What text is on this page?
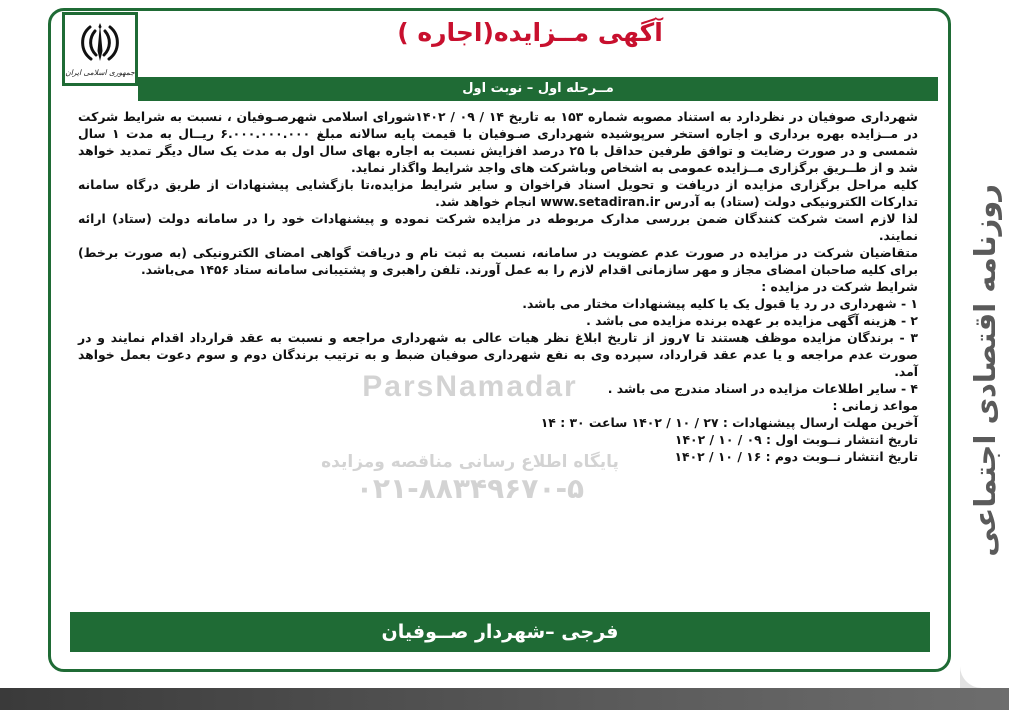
روزنامه اقتصادی اجتماعی
جمهوری اسلامی ایران
آگهی مــزایده(اجاره )
مــرحله اول – نوبت اول
ParsNamadar
پایگاه اطلاع رسانی مناقصه ومزایده
۰۲۱-۸۸۳۴۹۶۷۰-۵

شهرداری صوفیان در نظردارد به استناد مصوبه شماره ۱۵۳ به تاریخ ۱۴ / ۰۹ / ۱۴۰۲شورای اسلامی شهرصـوفیان ، نسبت به شرایط شرکت در مــزایده بهره برداری و اجاره استخر سرپوشیده شهرداری صـوفیان با قیمت پایه سالانه مبلغ ۶.۰۰۰.۰۰۰.۰۰۰ ریــال به مدت ۱ سال شمسی و در صورت رضایت و توافق طرفین حداقل با ۲۵ درصد افزایش نسبت به اجاره بهای سال اول به مدت یک سال دیگر تمدید خواهد شد و از طــریق برگزاری مــزایده عمومی به اشخاص وباشرکت های واجد شرایط واگذار نماید.

کلیه مراحل برگزاری مزایده از دریافت و تحویل اسناد فراخوان و سایر شرایط مزایده،تا بازگشایی پیشنهادات از طریق درگاه سامانه تدارکات الکترونیکی دولت (ستاد) به آدرس www.setadiran.ir انجام خواهد شد.

لذا لازم است شرکت کنندگان ضمن بررسی مدارک مربوطه در مزایده شرکت نموده و پیشنهادات خود را در سامانه دولت (ستاد) ارائه نمایند.

متقاضیان شرکت در مزایده در صورت عدم عضویت در سامانه، نسبت به ثبت نام و دریافت گواهی امضای الکترونیکی (به صورت برخط) برای کلیه صاحبان امضای مجاز و مهر سازمانی اقدام لازم را به عمل آورند. تلفن راهبری و پشتیبانی سامانه ستاد ۱۴۵۶ می‌باشد.

شرایط شرکت در مزایده :

۱ - شهرداری در رد یا قبول یک یا کلیه پیشنهادات مختار می باشد.

۲ - هزینه آگهی مزایده بر عهده برنده مزایده می باشد .

۳ - برندگان مزایده موظف هستند تا ۷روز از تاریخ ابلاغ نظر هیات عالی به شهرداری مراجعه و نسبت به عقد قرارداد اقدام نمایند و در صورت عدم مراجعه و یا عدم عقد قرارداد، سپرده وی به نفع شهرداری صوفیان ضبط و به ترتیب برندگان دوم و سوم دعوت بعمل خواهد آمد.

۴ - سایر اطلاعات مزایده در اسناد مندرج می باشد .

مواعد زمانی :

آخرین مهلت ارسال پیشنهادات : ۲۷ / ۱۰ / ۱۴۰۲ ساعت ۳۰ : ۱۴

تاریخ انتشار نــوبت اول : ۰۹ / ۱۰ / ۱۴۰۲

تاریخ انتشار نــوبت دوم : ۱۶ / ۱۰ / ۱۴۰۲

فرجی –شهردار صــوفیان
